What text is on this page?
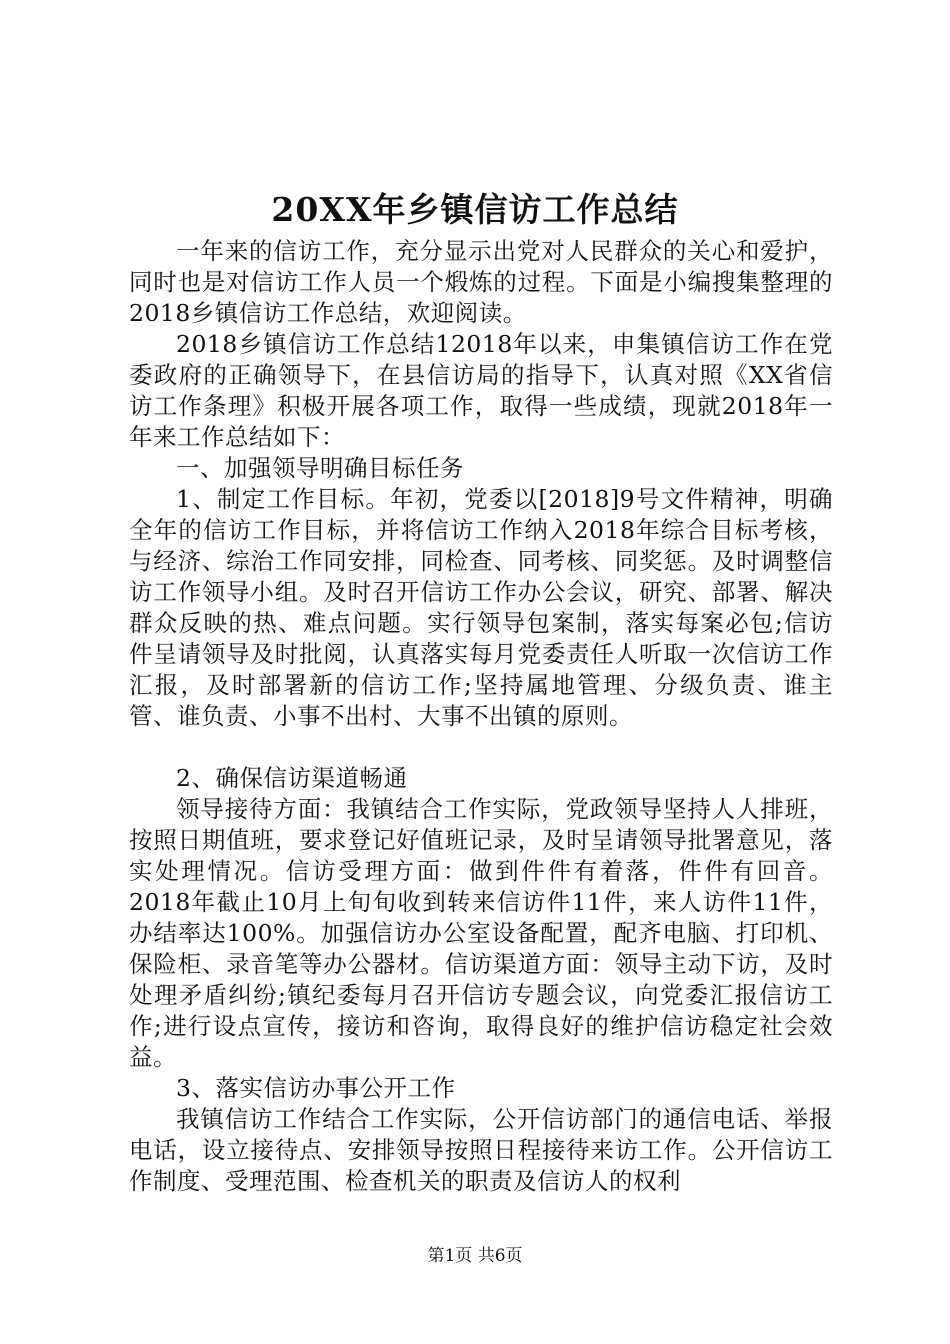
20XX年乡镇信访工作总结

一年来的信访工作，充分显示出党对人民群众的关心和爱护，同时也是对信访工作人员一个煅炼的过程。下面是小编搜集整理的2018乡镇信访工作总结，欢迎阅读。

2018乡镇信访工作总结12018年以来，申集镇信访工作在党委政府的正确领导下，在县信访局的指导下，认真对照《XX省信访工作条理》积极开展各项工作，取得一些成绩，现就2018年一年来工作总结如下：

一、加强领导明确目标任务

1、制定工作目标。年初，党委以[2018]9号文件精神，明确全年的信访工作目标，并将信访工作纳入2018年综合目标考核，与经济、综治工作同安排，同检查、同考核、同奖惩。及时调整信访工作领导小组。及时召开信访工作办公会议，研究、部署、解决群众反映的热、难点问题。实行领导包案制，落实每案必包;信访件呈请领导及时批阅，认真落实每月党委责任人听取一次信访工作汇报，及时部署新的信访工作;坚持属地管理、分级负责、谁主管、谁负责、小事不出村、大事不出镇的原则。

2、确保信访渠道畅通

领导接待方面：我镇结合工作实际，党政领导坚持人人排班，按照日期值班，要求登记好值班记录，及时呈请领导批署意见，落实处理情况。信访受理方面：做到件件有着落，件件有回音。2018年截止10月上旬旬收到转来信访件11件，来人访件11件，办结率达100%。加强信访办公室设备配置，配齐电脑、打印机、保险柜、录音笔等办公器材。信访渠道方面：领导主动下访，及时处理矛盾纠纷;镇纪委每月召开信访专题会议，向党委汇报信访工作;进行设点宣传，接访和咨询，取得良好的维护信访稳定社会效益。

3、落实信访办事公开工作

我镇信访工作结合工作实际，公开信访部门的通信电话、举报电话，设立接待点、安排领导按照日程接待来访工作。公开信访工作制度、受理范围、检查机关的职责及信访人的权利

第1页 共6页
